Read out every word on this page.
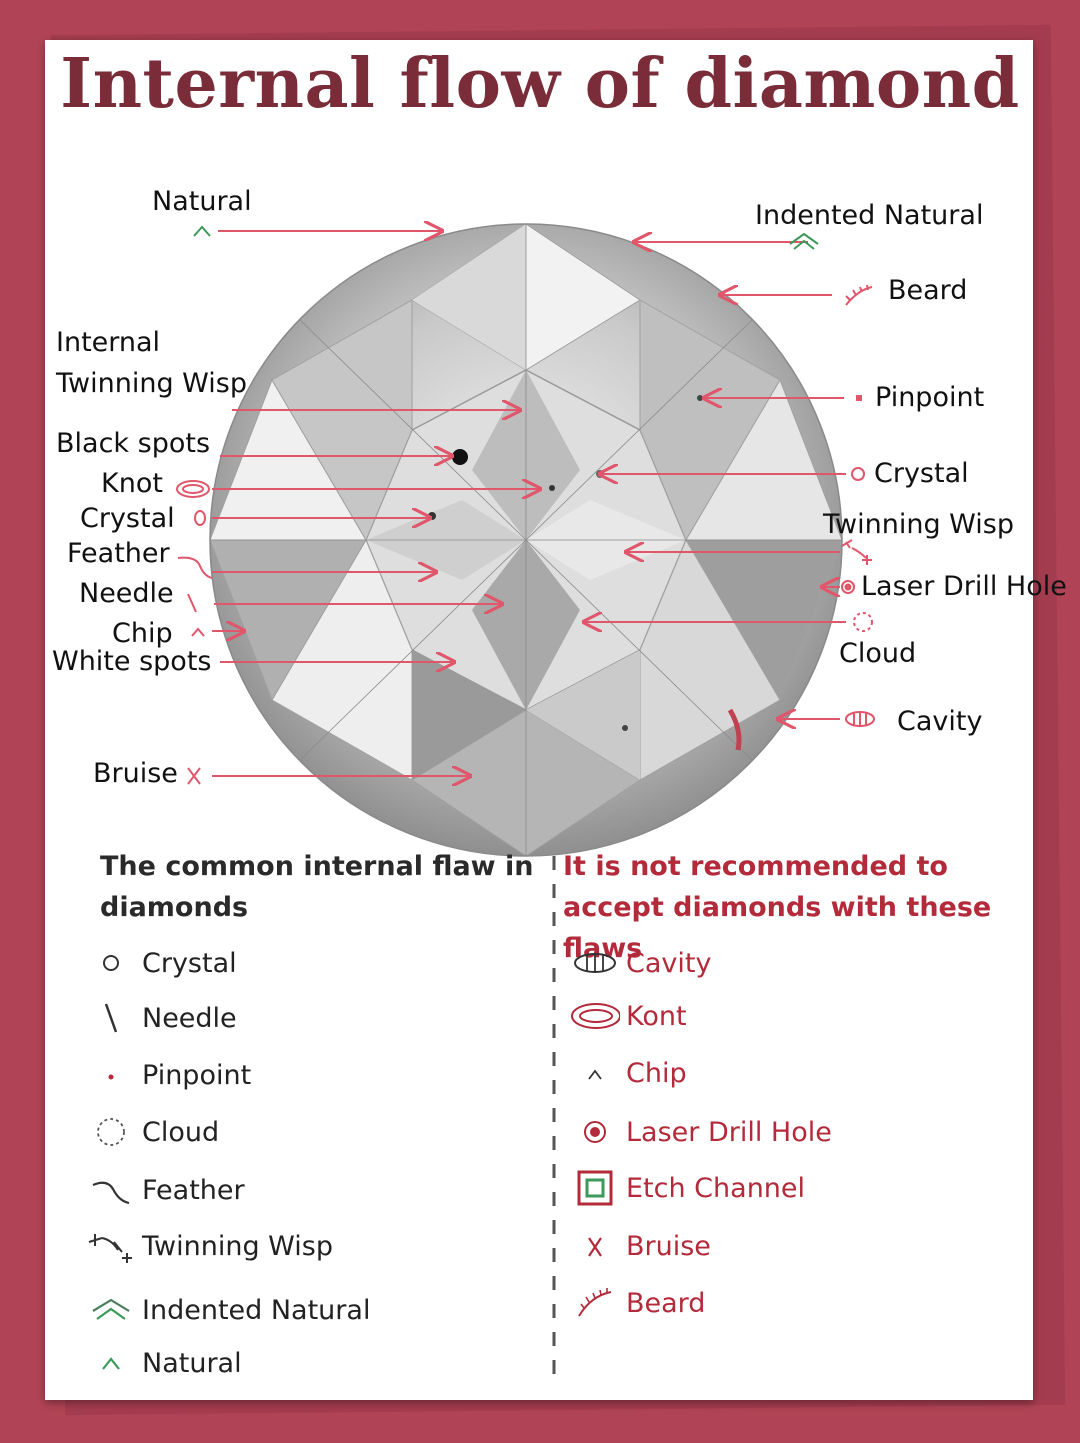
Internal flow of diamond
Natural
Internal
Twinning Wisp
Black spots
Knot
Crystal
Feather
Needle
Chip
White spots
Bruise
Indented Natural
Beard
Pinpoint
Crystal
Twinning Wisp
Laser Drill Hole
Cloud
Cavity
The common internal flaw in diamonds
It is not recommended to accept diamonds with these flaws
Crystal
Needle
Pinpoint
Cloud
Feather
Twinning Wisp
Indented Natural
Natural
Cavity
Kont
Chip
Laser Drill Hole
Etch Channel
Bruise
Beard
